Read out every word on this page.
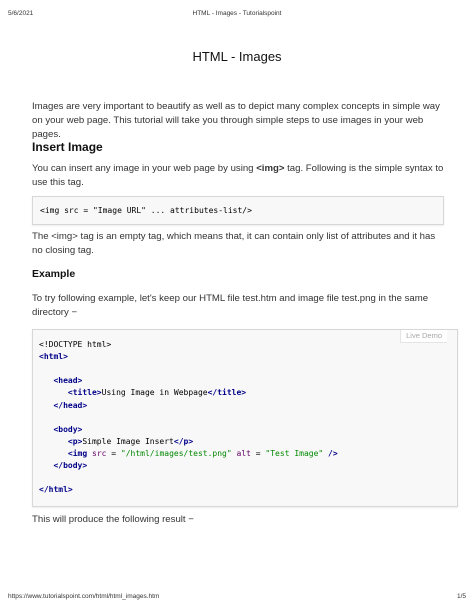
5/6/2021	HTML - Images - Tutorialspoint
HTML - Images

Images are very important to beautify as well as to depict many complex concepts in simple way on your web page. This tutorial will take you through simple steps to use images in your web pages.

Insert Image

You can insert any image in your web page by using <img> tag. Following is the simple syntax to use this tag.

The <img> tag is an empty tag, which means that, it can contain only list of attributes and it has no closing tag.

Example

To try following example, let's keep our HTML file test.htm and image file test.png in the same directory −

This will produce the following result −

<img src = "Image URL" ... attributes-list/>
Live Demo
<!DOCTYPE html>
<html>
<head>
<title>Using Image in Webpage</title>
</head>
<body>
<p>Simple Image Insert</p>
<img src = "/html/images/test.png" alt = "Test Image" />
</body>
</html>
https://www.tutorialspoint.com/html/html_images.htm	1/5
